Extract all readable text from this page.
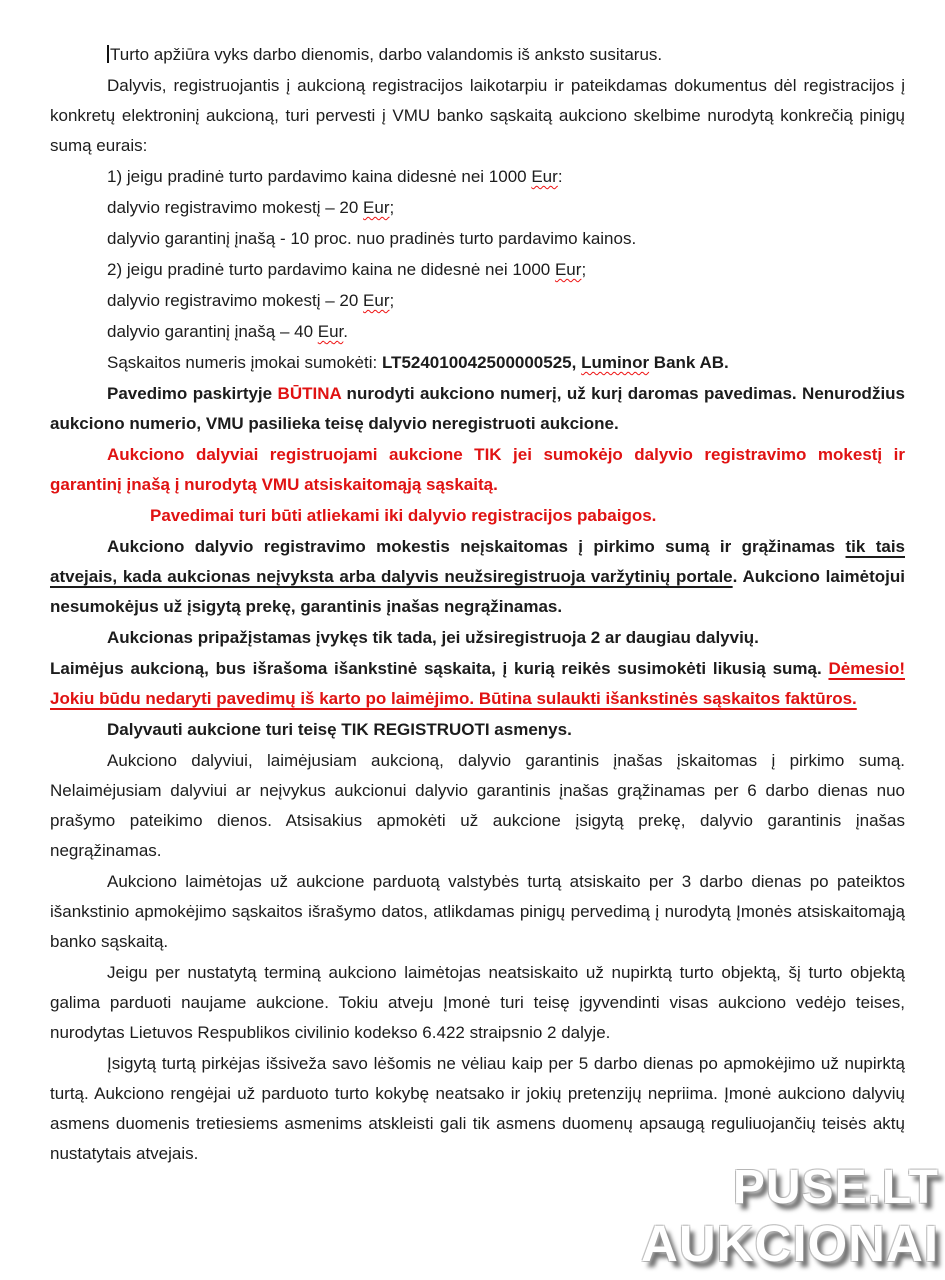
Turto apžiūra vyks darbo dienomis, darbo valandomis iš anksto susitarus.

Dalyvis, registruojantis į aukcioną registracijos laikotarpiu ir pateikdamas dokumentus dėl registracijos į konkretų elektroninį aukcioną, turi pervesti į VMU banko sąskaitą aukciono skelbime nurodytą konkrečią pinigų sumą eurais:

1) jeigu pradinė turto pardavimo kaina didesnė nei 1000 Eur:

dalyvio registravimo mokestį – 20 Eur;

dalyvio garantinį įnašą - 10 proc. nuo pradinės turto pardavimo kainos.

2) jeigu pradinė turto pardavimo kaina ne didesnė nei 1000 Eur;

dalyvio registravimo mokestį – 20 Eur;

dalyvio garantinį įnašą – 40 Eur.

Sąskaitos numeris įmokai sumokėti: LT524010042500000525, Luminor Bank AB.

Pavedimo paskirtyje BŪTINA nurodyti aukciono numerį, už kurį daromas pavedimas. Nenurodžius aukciono numerio, VMU pasilieka teisę dalyvio neregistruoti aukcione.

Aukciono dalyviai registruojami aukcione TIK jei sumokėjo dalyvio registravimo mokestį ir garantinį įnašą į nurodytą VMU atsiskaitomąją sąskaitą.

Pavedimai turi būti atliekami iki dalyvio registracijos pabaigos.

Aukciono dalyvio registravimo mokestis neįskaitomas į pirkimo sumą ir grąžinamas tik tais atvejais, kada aukcionas neįvyksta arba dalyvis neužsiregistruoja varžytinių portale. Aukciono laimėtojui nesumokėjus už įsigytą prekę, garantinis įnašas negrąžinamas.

Aukcionas pripažįstamas įvykęs tik tada, jei užsiregistruoja 2 ar daugiau dalyvių.

Laimėjus aukcioną, bus išrašoma išankstinė sąskaita, į kurią reikės susimokėti likusią sumą. Dėmesio! Jokiu būdu nedaryti pavedimų iš karto po laimėjimo. Būtina sulaukti išankstinės sąskaitos faktūros.

Dalyvauti aukcione turi teisę TIK REGISTRUOTI asmenys.

Aukciono dalyviui, laimėjusiam aukcioną, dalyvio garantinis įnašas įskaitomas į pirkimo sumą. Nelaimėjusiam dalyviui ar neįvykus aukcionui dalyvio garantinis įnašas grąžinamas per 6 darbo dienas nuo prašymo pateikimo dienos. Atsisakius apmokėti už aukcione įsigytą prekę, dalyvio garantinis įnašas negrąžinamas.

Aukciono laimėtojas už aukcione parduotą valstybės turtą atsiskaito per 3 darbo dienas po pateiktos išankstinio apmokėjimo sąskaitos išrašymo datos, atlikdamas pinigų pervedimą į nurodytą Įmonės atsiskaitomąją banko sąskaitą.

Jeigu per nustatytą terminą aukciono laimėtojas neatsiskaito už nupirktą turto objektą, šį turto objektą galima parduoti naujame aukcione. Tokiu atveju Įmonė turi teisę įgyvendinti visas aukciono vedėjo teises, nurodytas Lietuvos Respublikos civilinio kodekso 6.422 straipsnio 2 dalyje.

Įsigytą turtą pirkėjas išsiveža savo lėšomis ne vėliau kaip per 5 darbo dienas po apmokėjimo už nupirktą turtą. Aukciono rengėjai už parduoto turto kokybę neatsako ir jokių pretenzijų nepriima. Įmonė aukciono dalyvių asmens duomenis tretiesiems asmenims atskleisti gali tik asmens duomenų apsaugą reguliuojančių teisės aktų nustatytais atvejais.

PUSE.LT
AUKCIONAI
